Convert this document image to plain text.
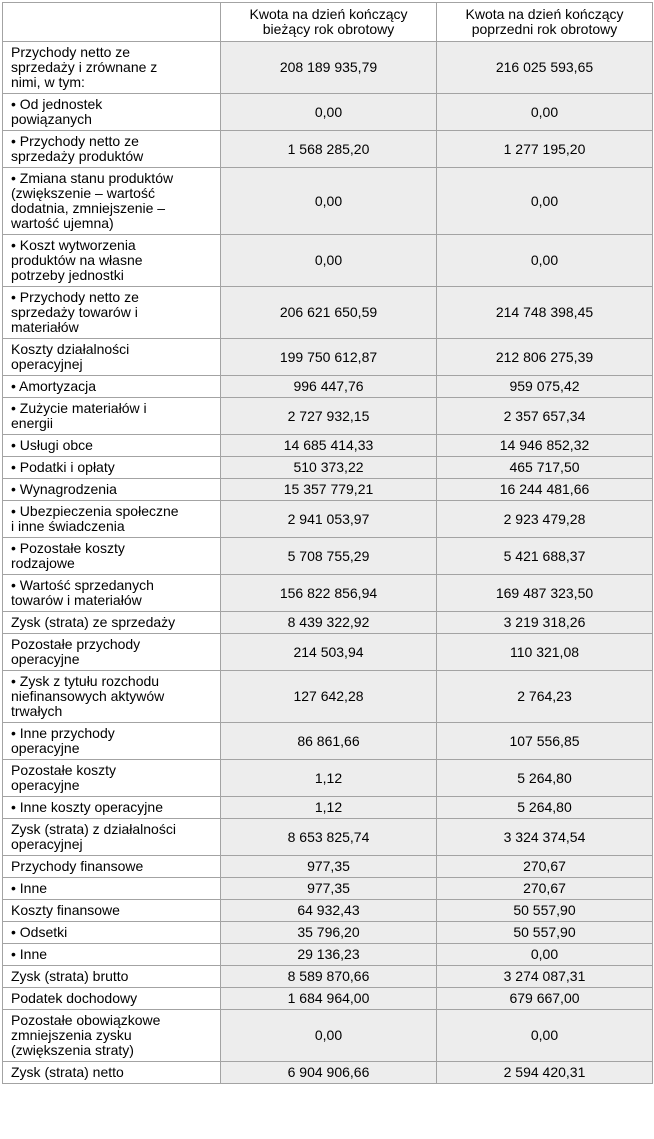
	Kwota na dzień kończący bieżący rok obrotowy	Kwota na dzień kończący poprzedni rok obrotowy
Przychody netto ze sprzedaży i zrównane z nimi, w tym:	208 189 935,79	216 025 593,65
• Od jednostek powiązanych	0,00	0,00
• Przychody netto ze sprzedaży produktów	1 568 285,20	1 277 195,20
• Zmiana stanu produktów (zwiększenie – wartość dodatnia, zmniejszenie – wartość ujemna)	0,00	0,00
• Koszt wytworzenia produktów na własne potrzeby jednostki	0,00	0,00
• Przychody netto ze sprzedaży towarów i materiałów	206 621 650,59	214 748 398,45
Koszty działalności operacyjnej	199 750 612,87	212 806 275,39
• Amortyzacja	996 447,76	959 075,42
• Zużycie materiałów i energii	2 727 932,15	2 357 657,34
• Usługi obce	14 685 414,33	14 946 852,32
• Podatki i opłaty	510 373,22	465 717,50
• Wynagrodzenia	15 357 779,21	16 244 481,66
• Ubezpieczenia społeczne i inne świadczenia	2 941 053,97	2 923 479,28
• Pozostałe koszty rodzajowe	5 708 755,29	5 421 688,37
• Wartość sprzedanych towarów i materiałów	156 822 856,94	169 487 323,50
Zysk (strata) ze sprzedaży	8 439 322,92	3 219 318,26
Pozostałe przychody operacyjne	214 503,94	110 321,08
• Zysk z tytułu rozchodu niefinansowych aktywów trwałych	127 642,28	2 764,23
• Inne przychody operacyjne	86 861,66	107 556,85
Pozostałe koszty operacyjne	1,12	5 264,80
• Inne koszty operacyjne	1,12	5 264,80
Zysk (strata) z działalności operacyjnej	8 653 825,74	3 324 374,54
Przychody finansowe	977,35	270,67
• Inne	977,35	270,67
Koszty finansowe	64 932,43	50 557,90
• Odsetki	35 796,20	50 557,90
• Inne	29 136,23	0,00
Zysk (strata) brutto	8 589 870,66	3 274 087,31
Podatek dochodowy	1 684 964,00	679 667,00
Pozostałe obowiązkowe zmniejszenia zysku (zwiększenia straty)	0,00	0,00
Zysk (strata) netto	6 904 906,66	2 594 420,31
